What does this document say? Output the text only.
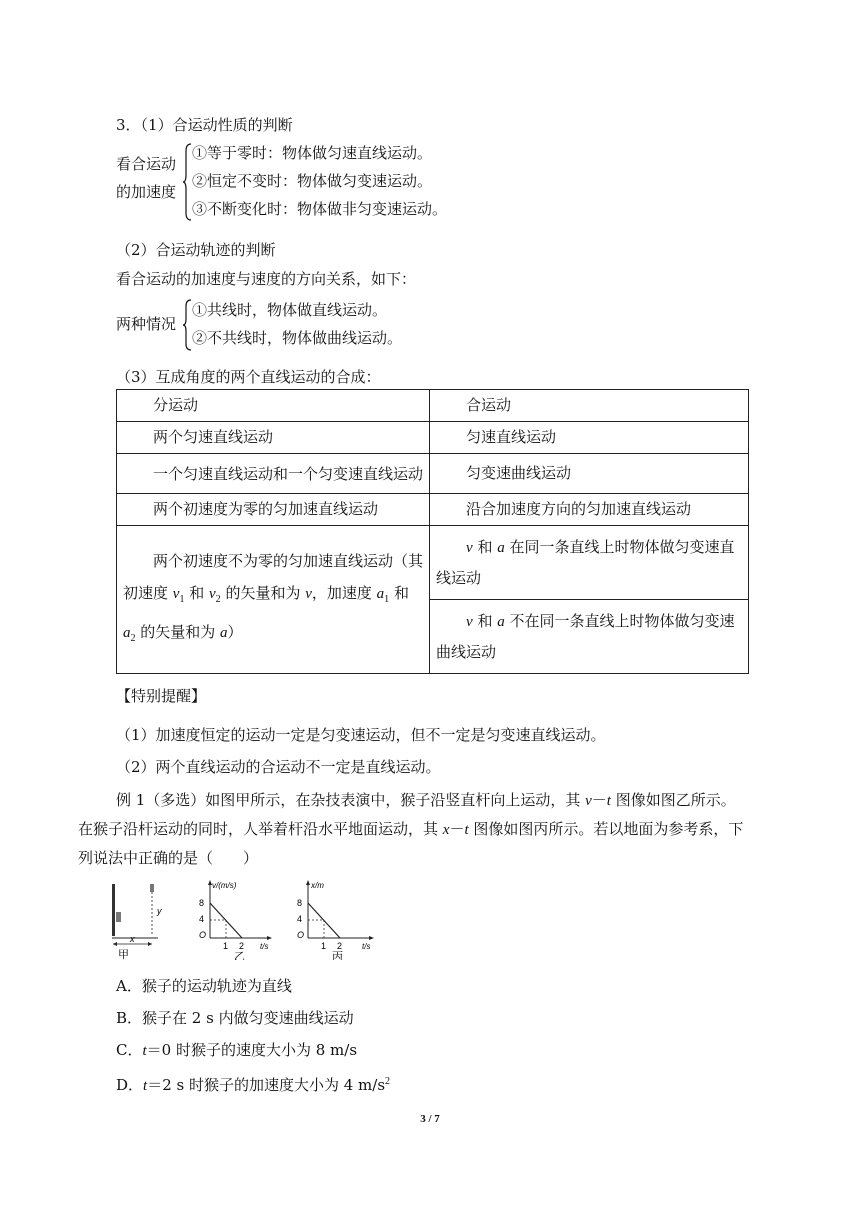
3．（1）合运动性质的判断
看合运动
的加速度
①等于零时：物体做匀速直线运动。
②恒定不变时：物体做匀变速运动。
③不断变化时：物体做非匀变速运动。
（2）合运动轨迹的判断
看合运动的加速度与速度的方向关系，如下：
两种情况
①共线时，物体做直线运动。
②不共线时，物体做曲线运动。
（3）互成角度的两个直线运动的合成：
分运动	合运动

两个匀速直线运动	匀速直线运动

一个匀速直线运动和一个匀变速直线运动	匀变速曲线运动

两个初速度为零的匀加速直线运动	沿合加速度方向的匀加速直线运动

两个初速度不为零的匀加速直线运动（其初速度 $v_1$ 和 $v_2$ 的矢量和为 v，加速度 $a_1$ 和 $a_2$ 的矢量和为 a）	v 和 a 在同一条直线上时物体做匀变速直线运动

	v 和 a 不在同一条直线上时物体做匀变速曲线运动
【特别提醒】
（1）加速度恒定的运动一定是匀变速运动，但不一定是匀变速直线运动。
（2）两个直线运动的合运动不一定是直线运动。
例 1（多选）如图甲所示，在杂技表演中，猴子沿竖直杆向上运动，其 v－t 图像如图乙所示。在猴子沿杆运动的同时，人举着杆沿水平地面运动，其 x－t 图像如图丙所示。若以地面为参考系，下列说法中正确的是（　　）
y
x
甲
v/(m/s)
8
4
O
1 2 t/s
乙
x/m
8
4
O
1 2 t/s
丙
A．猴子的运动轨迹为直线
B．猴子在 2 s 内做匀变速曲线运动
C．t＝0 时猴子的速度大小为 8 m/s
D．t＝2 s 时猴子的加速度大小为 4 $m/s^2$
3 / 7
